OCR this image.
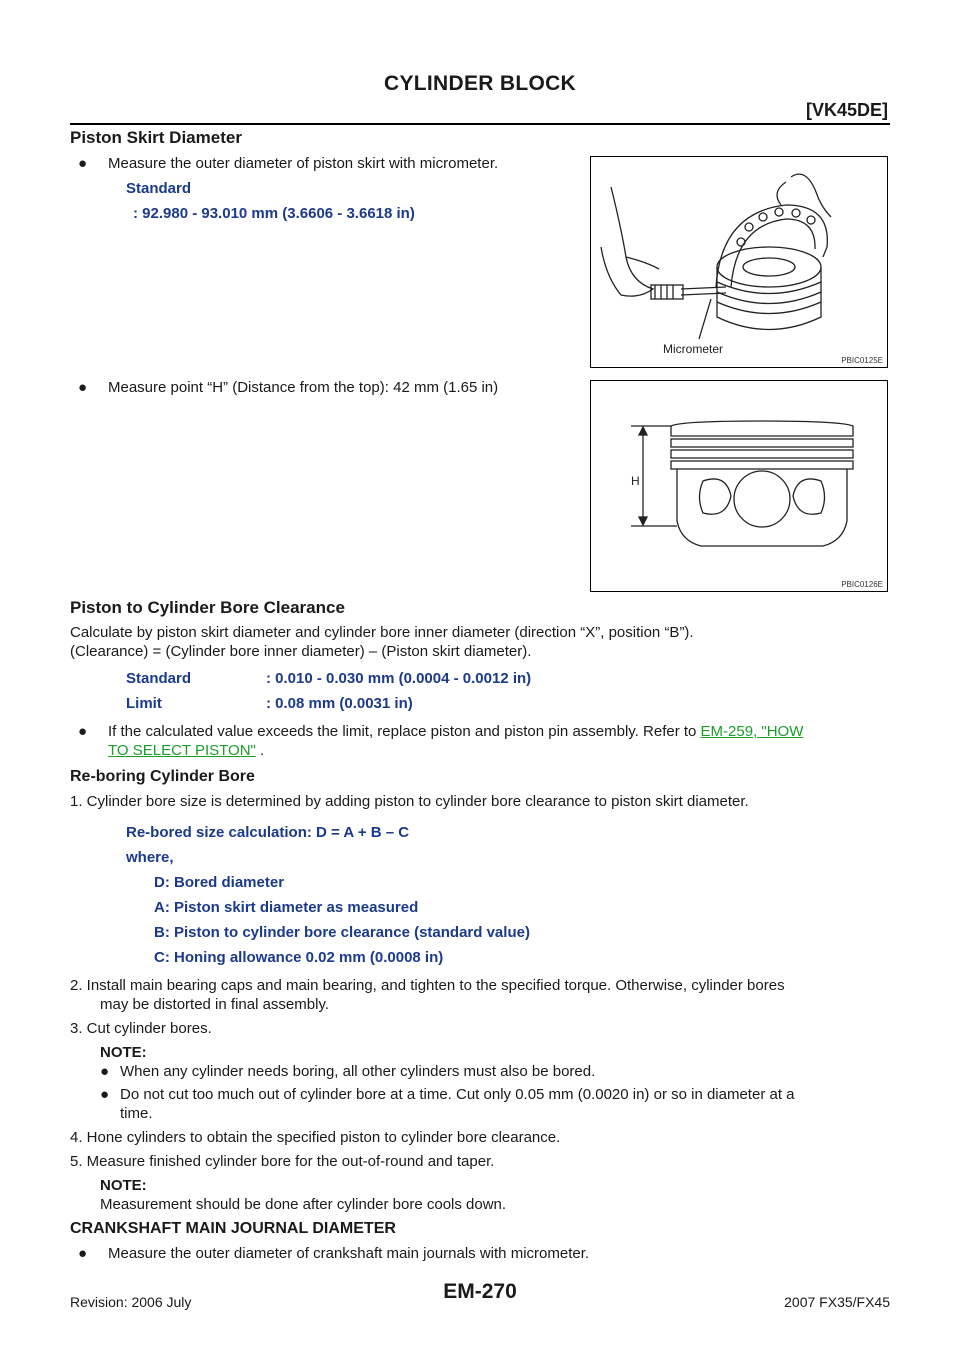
CYLINDER BLOCK
[VK45DE]
Piston Skirt Diameter
● Measure the outer diameter of piston skirt with micrometer.
Standard
: 92.980 - 93.010 mm (3.6606 - 3.6618 in)
Micrometer
PBIC0125E
● Measure point “H” (Distance from the top): 42 mm (1.65 in)
H
PBIC0126E
Piston to Cylinder Bore Clearance
Calculate by piston skirt diameter and cylinder bore inner diameter (direction “X”, position “B”).
(Clearance) = (Cylinder bore inner diameter) – (Piston skirt diameter).
Standard	: 0.010 - 0.030 mm (0.0004 - 0.0012 in)
Limit	: 0.08 mm (0.0031 in)
● If the calculated value exceeds the limit, replace piston and piston pin assembly. Refer to EM-259, "HOW
TO SELECT PISTON" .
Re-boring Cylinder Bore
1. Cylinder bore size is determined by adding piston to cylinder bore clearance to piston skirt diameter.
Re-bored size calculation: D = A + B – C
where,
D: Bored diameter
A: Piston skirt diameter as measured
B: Piston to cylinder bore clearance (standard value)
C: Honing allowance 0.02 mm (0.0008 in)
2. Install main bearing caps and main bearing, and tighten to the specified torque. Otherwise, cylinder bores
may be distorted in final assembly.
3. Cut cylinder bores.
NOTE:
● When any cylinder needs boring, all other cylinders must also be bored.
● Do not cut too much out of cylinder bore at a time. Cut only 0.05 mm (0.0020 in) or so in diameter at a
time.
4. Hone cylinders to obtain the specified piston to cylinder bore clearance.
5. Measure finished cylinder bore for the out-of-round and taper.
NOTE:
Measurement should be done after cylinder bore cools down.
CRANKSHAFT MAIN JOURNAL DIAMETER
● Measure the outer diameter of crankshaft main journals with micrometer.
Revision: 2006 July	EM-270	2007 FX35/FX45
